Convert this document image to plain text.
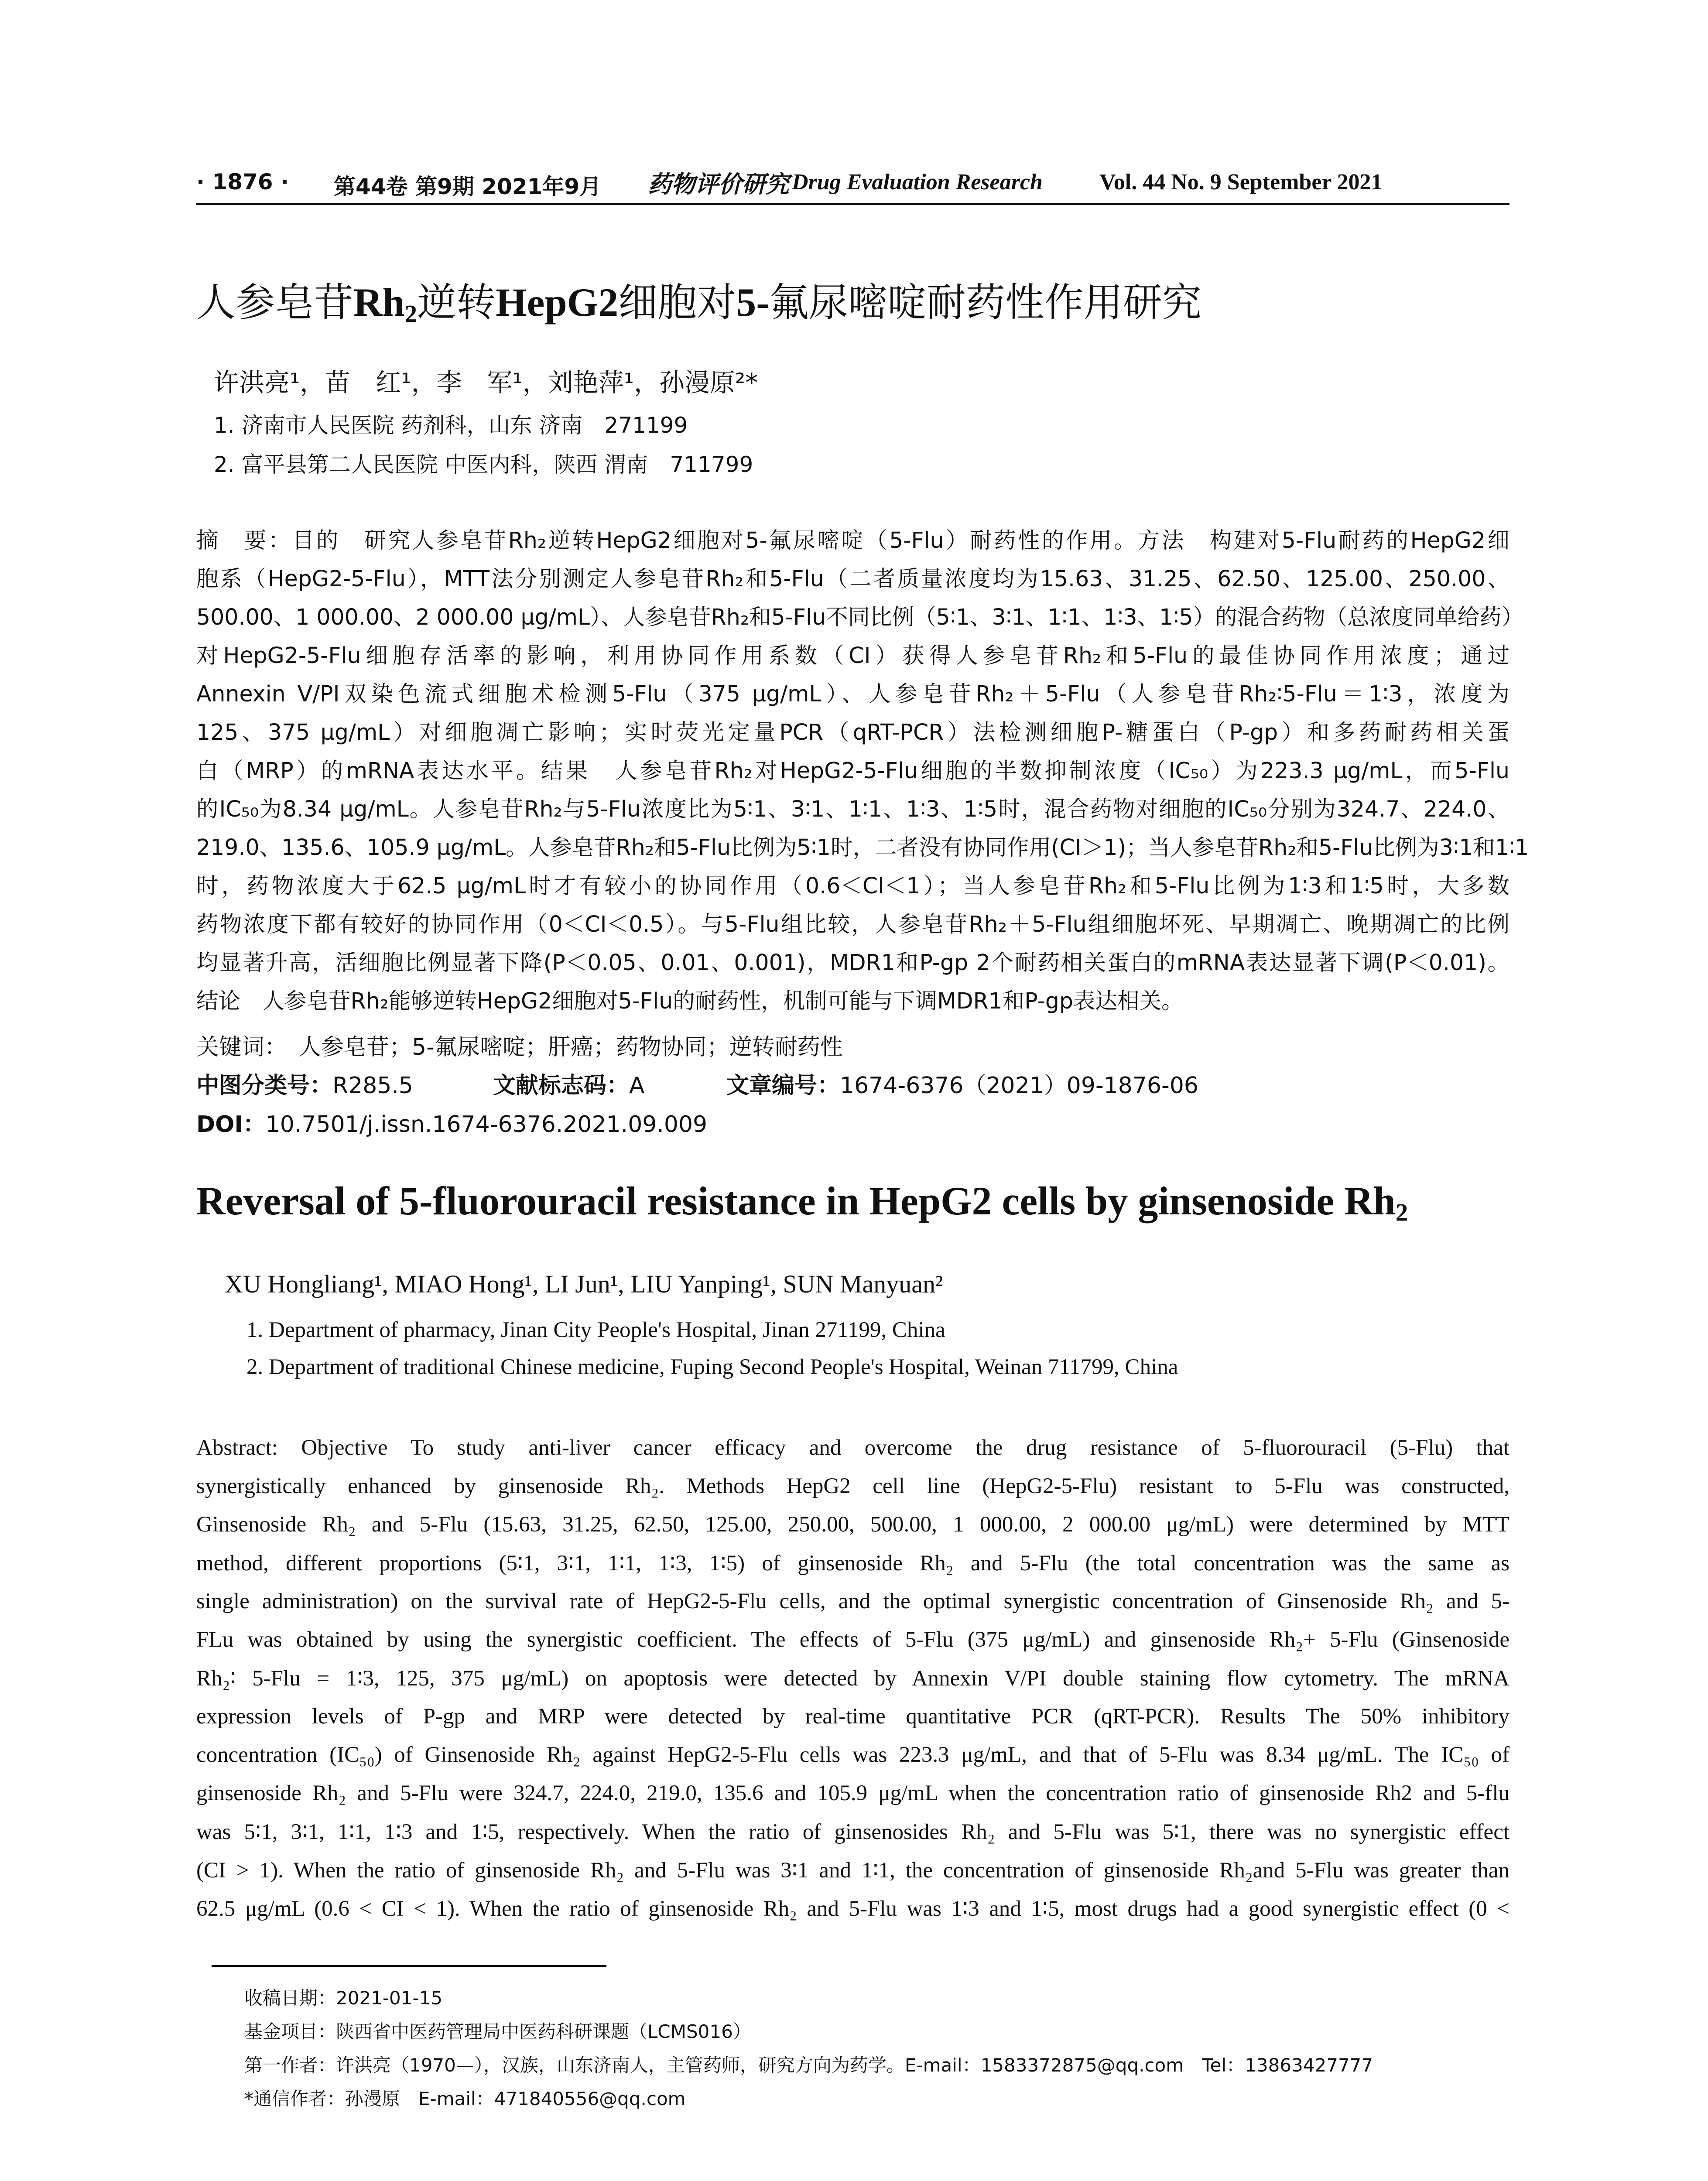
· 1876 · 第44卷 第9期 2021年9月 药物评价研究 Drug Evaluation Research	Vol. 44 No. 9 September 2021
人参皂苷$Rh_2$逆转HepG2细胞对5-氟尿嘧啶耐药性作用研究
许洪亮¹，苗　红¹，李　军¹，刘艳萍¹，孙漫原²*
1. 济南市人民医院 药剂科，山东 济南　271199
2. 富平县第二人民医院 中医内科，陕西 渭南　711799
摘　要：目的　研究人参皂苷Rh₂逆转HepG2细胞对5-氟尿嘧啶（5-Flu）耐药性的作用。方法　构建对5-Flu耐药的HepG2细
胞系（HepG2-5-Flu），MTT法分别测定人参皂苷Rh₂和5-Flu（二者质量浓度均为15.63、31.25、62.50、125.00、250.00、
500.00、1 000.00、2 000.00 μg/mL）、人参皂苷Rh₂和5-Flu不同比例（5∶1、3∶1、1∶1、1∶3、1∶5）的混合药物（总浓度同单给药）
对HepG2-5-Flu细胞存活率的影响，利用协同作用系数（CI）获得人参皂苷Rh₂和5-Flu的最佳协同作用浓度；通过
Annexin V/PI双染色流式细胞术检测5-Flu（375 μg/mL）、人参皂苷Rh₂＋5-Flu（人参皂苷Rh₂∶5-Flu＝1∶3，浓度为
125、375 μg/mL）对细胞凋亡影响；实时荧光定量PCR（qRT-PCR）法检测细胞P-糖蛋白（P-gp）和多药耐药相关蛋
白（MRP）的mRNA表达水平。结果　人参皂苷Rh₂对HepG2-5-Flu细胞的半数抑制浓度（IC₅₀）为223.3 μg/mL，而5-Flu
的IC₅₀为8.34 μg/mL。人参皂苷Rh₂与5-Flu浓度比为5∶1、3∶1、1∶1、1∶3、1∶5时，混合药物对细胞的IC₅₀分别为324.7、224.0、
219.0、135.6、105.9 μg/mL。人参皂苷Rh₂和5-Flu比例为5∶1时，二者没有协同作用(CI＞1)；当人参皂苷Rh₂和5-Flu比例为3∶1和1∶1
时，药物浓度大于62.5 μg/mL时才有较小的协同作用（0.6＜CI＜1）；当人参皂苷Rh₂和5-Flu比例为1∶3和1∶5时，大多数
药物浓度下都有较好的协同作用（0＜CI＜0.5）。与5-Flu组比较，人参皂苷Rh₂＋5-Flu组细胞坏死、早期凋亡、晚期凋亡的比例
均显著升高，活细胞比例显著下降(P＜0.05、0.01、0.001)，MDR1和P-gp 2个耐药相关蛋白的mRNA表达显著下调(P＜0.01)。
结论　人参皂苷Rh₂能够逆转HepG2细胞对5-Flu的耐药性，机制可能与下调MDR1和P-gp表达相关。
关键词：　人参皂苷；5-氟尿嘧啶；肝癌；药物协同；逆转耐药性
中图分类号：R285.5	文献标志码：A	文章编号：1674-6376（2021）09-1876-06
DOI：10.7501/j.issn.1674-6376.2021.09.009
Reversal of 5-fluorouracil resistance in HepG2 cells by ginsenoside $Rh_2$
XU Hongliang¹, MIAO Hong¹, LI Jun¹, LIU Yanping¹, SUN Manyuan²
1. Department of pharmacy, Jinan City People's Hospital, Jinan 271199, China
2. Department of traditional Chinese medicine, Fuping Second People's Hospital, Weinan 711799, China
Abstract: Objective To study anti-liver cancer efficacy and overcome the drug resistance of 5-fluorouracil (5-Flu) that
synergistically enhanced by ginsenoside Rh₂. Methods HepG2 cell line (HepG2-5-Flu) resistant to 5-Flu was constructed,
Ginsenoside Rh₂ and 5-Flu (15.63, 31.25, 62.50, 125.00, 250.00, 500.00, 1 000.00, 2 000.00 μg/mL) were determined by MTT
method, different proportions (5∶1, 3∶1, 1∶1, 1∶3, 1∶5) of ginsenoside Rh₂ and 5-Flu (the total concentration was the same as
single administration) on the survival rate of HepG2-5-Flu cells, and the optimal synergistic concentration of Ginsenoside Rh₂ and 5-
FLu was obtained by using the synergistic coefficient. The effects of 5-Flu (375 μg/mL) and ginsenoside Rh₂+ 5-Flu (Ginsenoside
Rh₂∶ 5-Flu = 1∶3, 125, 375 μg/mL) on apoptosis were detected by Annexin V/PI double staining flow cytometry. The mRNA
expression levels of P-gp and MRP were detected by real-time quantitative PCR (qRT-PCR). Results The 50% inhibitory
concentration (IC₅₀) of Ginsenoside Rh₂ against HepG2-5-Flu cells was 223.3 μg/mL, and that of 5-Flu was 8.34 μg/mL. The IC₅₀ of
ginsenoside Rh₂ and 5-Flu were 324.7, 224.0, 219.0, 135.6 and 105.9 μg/mL when the concentration ratio of ginsenoside Rh2 and 5-flu
was 5∶1, 3∶1, 1∶1, 1∶3 and 1∶5, respectively. When the ratio of ginsenosides Rh₂ and 5-Flu was 5∶1, there was no synergistic effect
(CI > 1). When the ratio of ginsenoside Rh₂ and 5-Flu was 3∶1 and 1∶1, the concentration of ginsenoside Rh₂and 5-Flu was greater than
62.5 μg/mL (0.6 < CI < 1). When the ratio of ginsenoside Rh₂ and 5-Flu was 1∶3 and 1∶5, most drugs had a good synergistic effect (0 <
收稿日期：2021-01-15
基金项目：陕西省中医药管理局中医药科研课题（LCMS016）
第一作者：许洪亮（1970—），汉族，山东济南人，主管药师，研究方向为药学。E-mail：1583372875@qq.com　Tel：13863427777
*通信作者：孙漫原　E-mail：471840556@qq.com
